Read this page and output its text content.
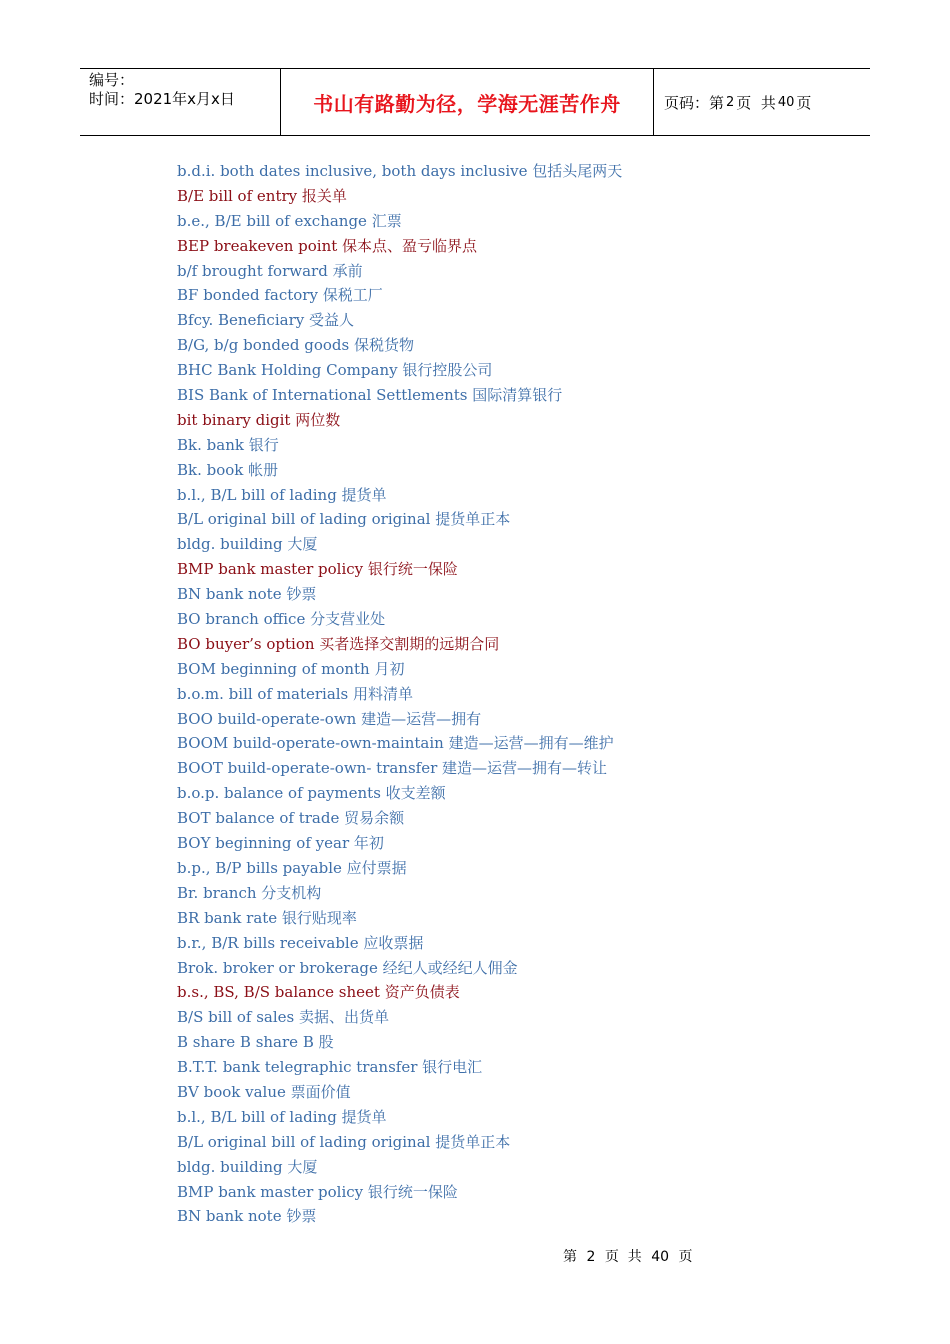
编号：
时间：2021年x月x日	书山有路勤为径，学海无涯苦作舟	页码：第 2 页  共 40 页
b.d.i. both dates inclusive, both days inclusive 包括头尾两天
B/E bill of entry 报关单
b.e., B/E bill of exchange 汇票
BEP breakeven point 保本点、盈亏临界点
b/f brought forward 承前
BF bonded factory 保税工厂
Bfcy. Beneficiary 受益人
B/G, b/g bonded goods 保税货物
BHC Bank Holding Company 银行控股公司
BIS Bank of International Settlements 国际清算银行
bit binary digit 两位数
Bk. bank 银行
Bk. book 帐册
b.l., B/L bill of lading 提货单
B/L original bill of lading original 提货单正本
bldg. building 大厦
BMP bank master policy 银行统一保险
BN bank note 钞票
BO branch office 分支营业处
BO buyer’s option 买者选择交割期的远期合同
BOM beginning of month 月初
b.o.m. bill of materials 用料清单
BOO build-operate-own 建造—运营—拥有
BOOM build-operate-own-maintain 建造—运营—拥有—维护
BOOT build-operate-own- transfer 建造—运营—拥有—转让
b.o.p. balance of payments 收支差额
BOT balance of trade 贸易余额
BOY beginning of year 年初
b.p., B/P bills payable 应付票据
Br. branch 分支机构
BR bank rate 银行贴现率
b.r., B/R bills receivable 应收票据
Brok. broker or brokerage 经纪人或经纪人佣金
b.s., BS, B/S balance sheet 资产负债表
B/S bill of sales 卖据、出货单
B share B share B 股
B.T.T. bank telegraphic transfer 银行电汇
BV book value 票面价值
b.l., B/L bill of lading 提货单
B/L original bill of lading original 提货单正本
bldg. building 大厦
BMP bank master policy 银行统一保险
BN bank note 钞票
第 2 页  共 40 页
